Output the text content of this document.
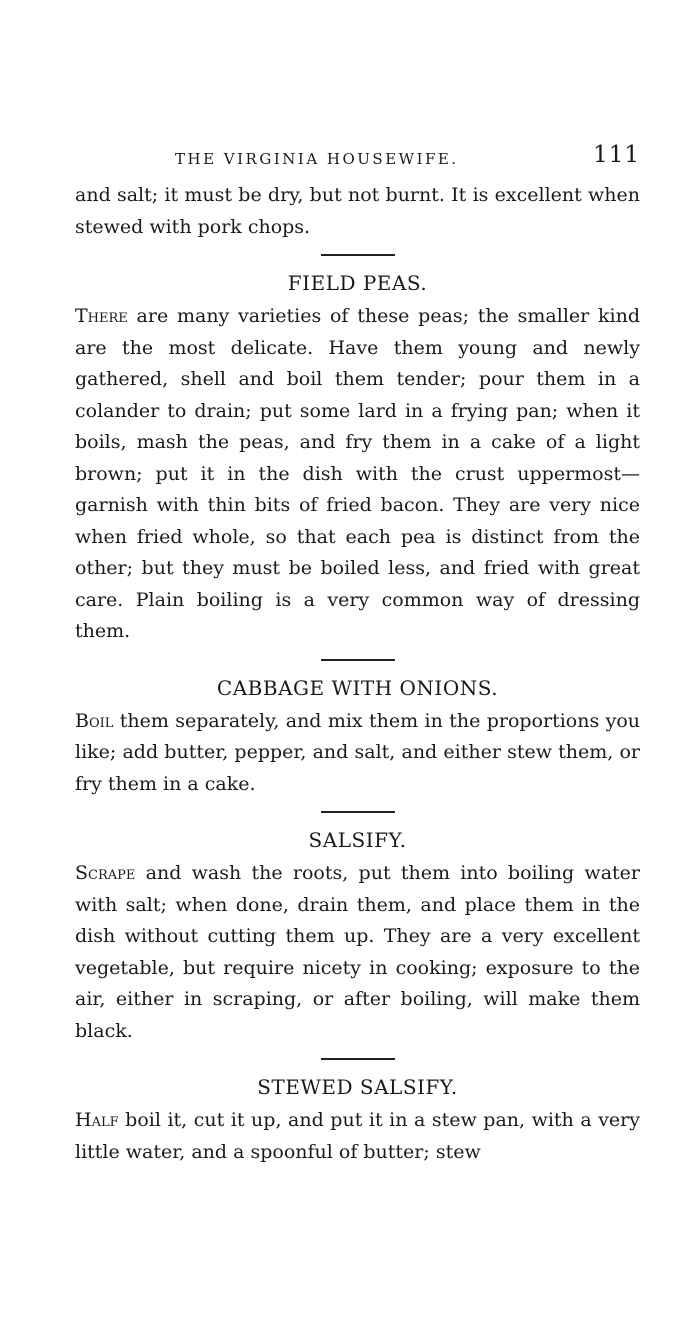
THE VIRGINIA HOUSEWIFE.	111

and salt; it must be dry, but not burnt. It is excellent when stewed with pork chops.

FIELD PEAS.

There are many varieties of these peas; the smaller kind are the most delicate. Have them young and newly gathered, shell and boil them tender; pour them in a colander to drain; put some lard in a frying pan; when it boils, mash the peas, and fry them in a cake of a light brown; put it in the dish with the crust uppermost—garnish with thin bits of fried bacon. They are very nice when fried whole, so that each pea is distinct from the other; but they must be boiled less, and fried with great care. Plain boiling is a very common way of dressing them.

CABBAGE WITH ONIONS.

Boil them separately, and mix them in the proportions you like; add butter, pepper, and salt, and either stew them, or fry them in a cake.

SALSIFY.

Scrape and wash the roots, put them into boiling water with salt; when done, drain them, and place them in the dish without cutting them up. They are a very excellent vegetable, but require nicety in cooking; exposure to the air, either in scraping, or after boiling, will make them black.

STEWED SALSIFY.

Half boil it, cut it up, and put it in a stew pan, with a very little water, and a spoonful of butter; stew
